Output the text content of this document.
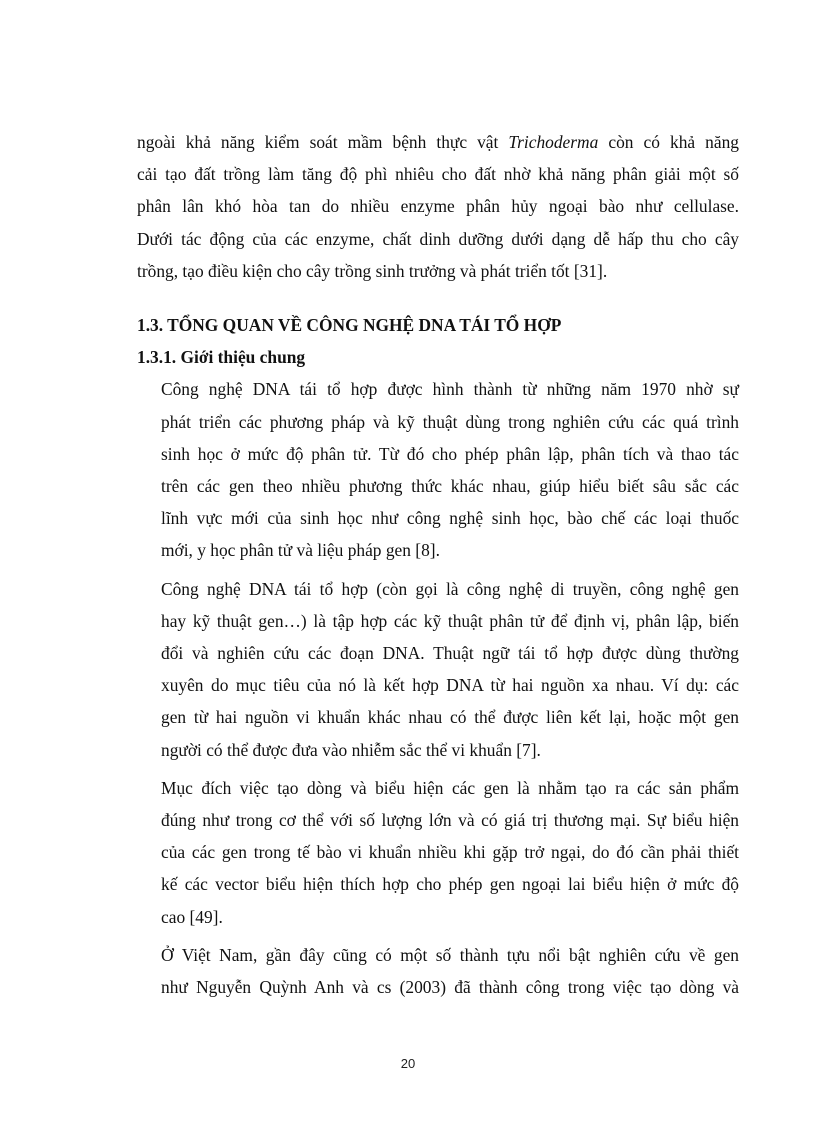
ngoài khả năng kiểm soát mầm bệnh thực vật Trichoderma còn có khả năng
cải tạo đất trồng làm tăng độ phì nhiêu cho đất nhờ khả năng phân giải một số
phân lân khó hòa tan do nhiều enzyme phân hủy ngoại bào như cellulase.
Dưới tác động của các enzyme, chất dinh dưỡng dưới dạng dễ hấp thu cho cây
trồng, tạo điều kiện cho cây trồng sinh trưởng và phát triển tốt [31].

1.3. TỔNG QUAN VỀ CÔNG NGHỆ DNA TÁI TỔ HỢP
1.3.1. Giới thiệu chung

Công nghệ DNA tái tổ hợp được hình thành từ những năm 1970 nhờ sự
phát triển các phương pháp và kỹ thuật dùng trong nghiên cứu các quá trình
sinh học ở mức độ phân tử. Từ đó cho phép phân lập, phân tích và thao tác
trên các gen theo nhiều phương thức khác nhau, giúp hiểu biết sâu sắc các
lĩnh vực mới của sinh học như công nghệ sinh học, bào chế các loại thuốc
mới, y học phân tử và liệu pháp gen [8].

Công nghệ DNA tái tổ hợp (còn gọi là công nghệ di truyền, công nghệ gen
hay kỹ thuật gen…) là tập hợp các kỹ thuật phân tử để định vị, phân lập, biến
đổi và nghiên cứu các đoạn DNA. Thuật ngữ tái tổ hợp được dùng thường
xuyên do mục tiêu của nó là kết hợp DNA từ hai nguồn xa nhau. Ví dụ: các
gen từ hai nguồn vi khuẩn khác nhau có thể được liên kết lại, hoặc một gen
người có thể được đưa vào nhiễm sắc thể vi khuẩn [7].

Mục đích việc tạo dòng và biểu hiện các gen là nhằm tạo ra các sản phẩm
đúng như trong cơ thể với số lượng lớn và có giá trị thương mại. Sự biểu hiện
của các gen trong tế bào vi khuẩn nhiều khi gặp trở ngại, do đó cần phải thiết
kế các vector biểu hiện thích hợp cho phép gen ngoại lai biểu hiện ở mức độ
cao [49].

Ở Việt Nam, gần đây cũng có một số thành tựu nổi bật nghiên cứu về gen
như Nguyễn Quỳnh Anh và cs (2003) đã thành công trong việc tạo dòng và

20
